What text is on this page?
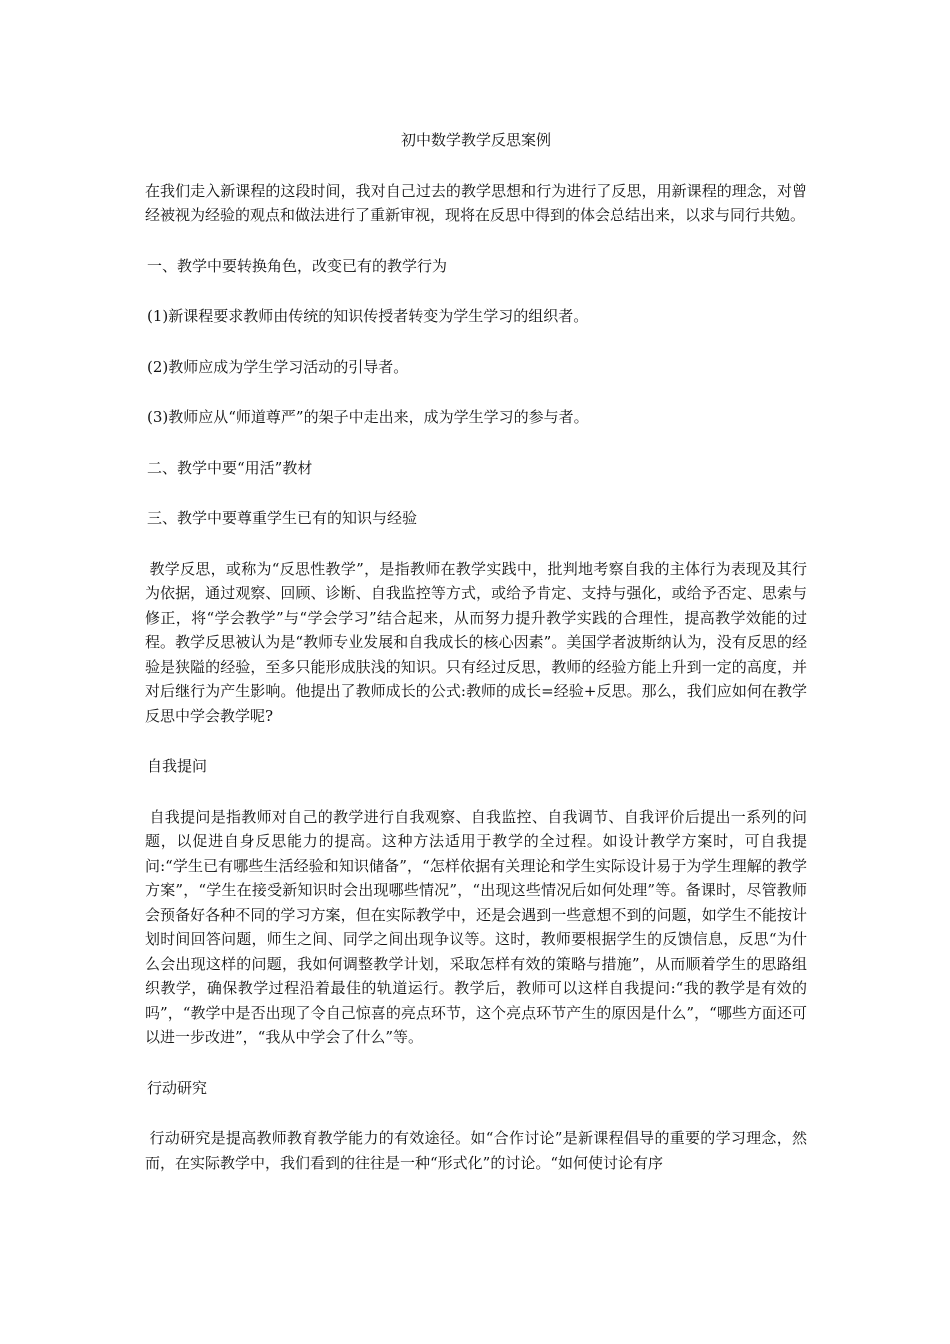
初中数学教学反思案例

在我们走入新课程的这段时间，我对自己过去的教学思想和行为进行了反思，用新课程的理念，对曾经被视为经验的观点和做法进行了重新审视，现将在反思中得到的体会总结出来，以求与同行共勉。

一、教学中要转换角色，改变已有的教学行为

(1)新课程要求教师由传统的知识传授者转变为学生学习的组织者。

(2)教师应成为学生学习活动的引导者。

(3)教师应从“师道尊严”的架子中走出来，成为学生学习的参与者。

二、教学中要“用活”教材

三、教学中要尊重学生已有的知识与经验

教学反思，或称为“反思性教学”，是指教师在教学实践中，批判地考察自我的主体行为表现及其行为依据，通过观察、回顾、诊断、自我监控等方式，或给予肯定、支持与强化，或给予否定、思索与修正，将“学会教学”与“学会学习”结合起来，从而努力提升教学实践的合理性，提高教学效能的过程。教学反思被认为是“教师专业发展和自我成长的核心因素”。美国学者波斯纳认为，没有反思的经验是狭隘的经验，至多只能形成肤浅的知识。只有经过反思，教师的经验方能上升到一定的高度，并对后继行为产生影响。他提出了教师成长的公式:教师的成长=经验+反思。那么，我们应如何在教学反思中学会教学呢?

自我提问

自我提问是指教师对自己的教学进行自我观察、自我监控、自我调节、自我评价后提出一系列的问题，以促进自身反思能力的提高。这种方法适用于教学的全过程。如设计教学方案时，可自我提问:“学生已有哪些生活经验和知识储备”，“怎样依据有关理论和学生实际设计易于为学生理解的教学方案”，“学生在接受新知识时会出现哪些情况”，“出现这些情况后如何处理”等。备课时，尽管教师会预备好各种不同的学习方案，但在实际教学中，还是会遇到一些意想不到的问题，如学生不能按计划时间回答问题，师生之间、同学之间出现争议等。这时，教师要根据学生的反馈信息，反思“为什么会出现这样的问题，我如何调整教学计划，采取怎样有效的策略与措施”，从而顺着学生的思路组织教学，确保教学过程沿着最佳的轨道运行。教学后，教师可以这样自我提问:“我的教学是有效的吗”，“教学中是否出现了令自己惊喜的亮点环节，这个亮点环节产生的原因是什么”，“哪些方面还可以进一步改进”，“我从中学会了什么”等。

行动研究

行动研究是提高教师教育教学能力的有效途径。如“合作讨论”是新课程倡导的重要的学习理念，然而，在实际教学中，我们看到的往往是一种“形式化”的讨论。“如何使讨论有序
